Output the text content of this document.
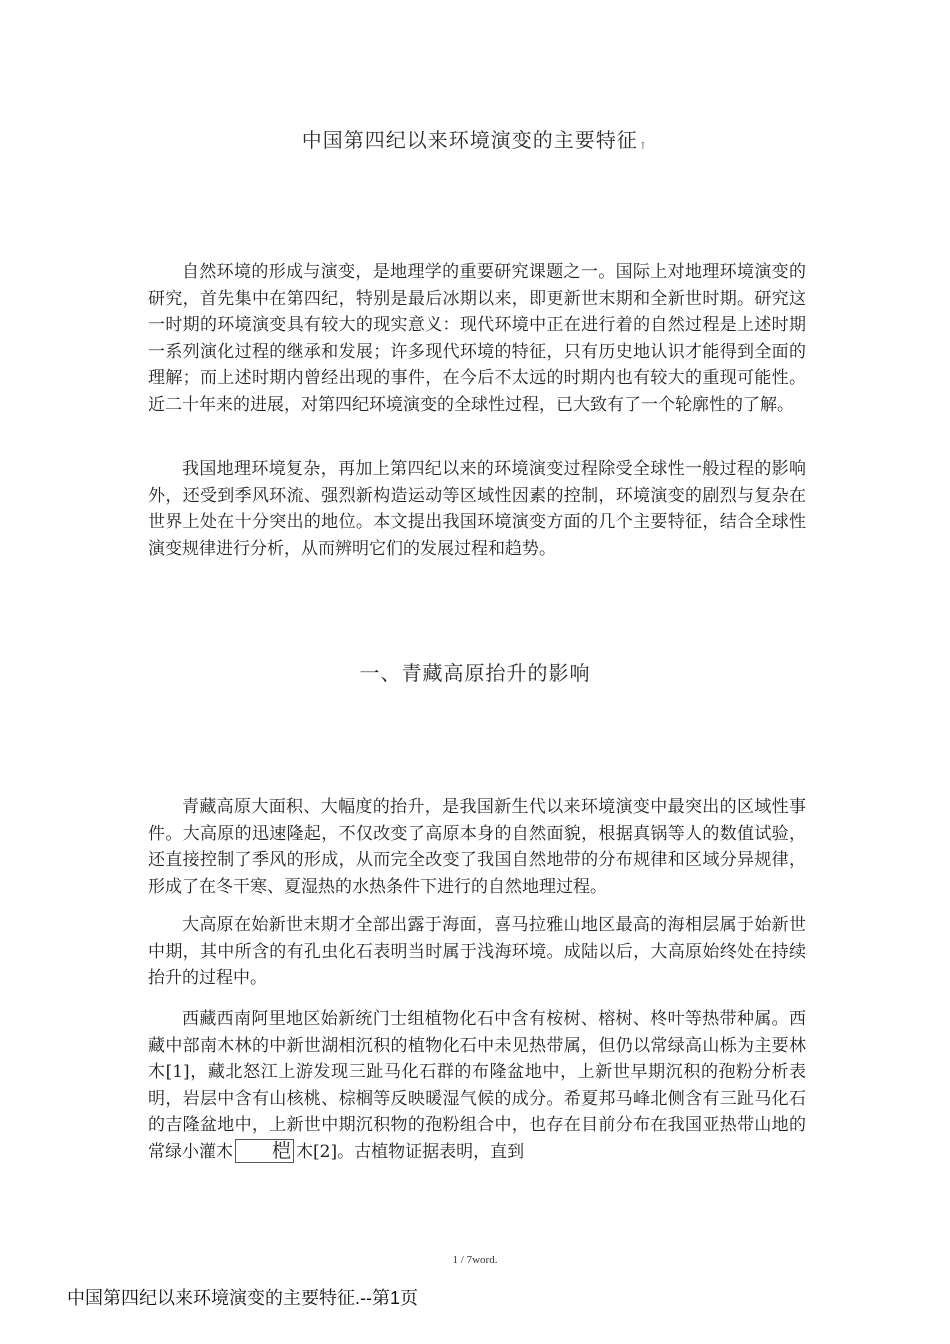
中国第四纪以来环境演变的主要特征↑

自然环境的形成与演变，是地理学的重要研究课题之一。国际上对地理环境演变的研究，首先集中在第四纪，特别是最后冰期以来，即更新世末期和全新世时期。研究这一时期的环境演变具有较大的现实意义：现代环境中正在进行着的自然过程是上述时期一系列演化过程的继承和发展；许多现代环境的特征，只有历史地认识才能得到全面的理解；而上述时期内曾经出现的事件，在今后不太远的时期内也有较大的重现可能性。近二十年来的进展，对第四纪环境演变的全球性过程，已大致有了一个轮廓性的了解。

我国地理环境复杂，再加上第四纪以来的环境演变过程除受全球性一般过程的影响外，还受到季风环流、强烈新构造运动等区域性因素的控制，环境演变的剧烈与复杂在世界上处在十分突出的地位。本文提出我国环境演变方面的几个主要特征，结合全球性演变规律进行分析，从而辨明它们的发展过程和趋势。

一、青藏高原抬升的影响

青藏高原大面积、大幅度的抬升，是我国新生代以来环境演变中最突出的区域性事件。大高原的迅速隆起，不仅改变了高原本身的自然面貌，根据真锅等人的数值试验，还直接控制了季风的形成，从而完全改变了我国自然地带的分布规律和区域分异规律，形成了在冬干寒、夏湿热的水热条件下进行的自然地理过程。

大高原在始新世末期才全部出露于海面，喜马拉雅山地区最高的海相层属于始新世中期，其中所含的有孔虫化石表明当时属于浅海环境。成陆以后，大高原始终处在持续抬升的过程中。

西藏西南阿里地区始新统门士组植物化石中含有桉树、榕树、柊叶等热带种属。西藏中部南木林的中新世湖相沉积的植物化石中未见热带属，但仍以常绿高山栎为主要林木[1]，藏北怒江上游发现三趾马化石群的布隆盆地中，上新世早期沉积的孢粉分析表明，岩层中含有山核桃、棕榈等反映暖湿气候的成分。希夏邦马峰北侧含有三趾马化石的吉隆盆地中，上新世中期沉积物的孢粉组合中，也存在目前分布在我国亚热带山地的常绿小灌木 桤 木[2]。古植物证据表明，直到

1 / 7word.
中国第四纪以来环境演变的主要特征.--第1页
